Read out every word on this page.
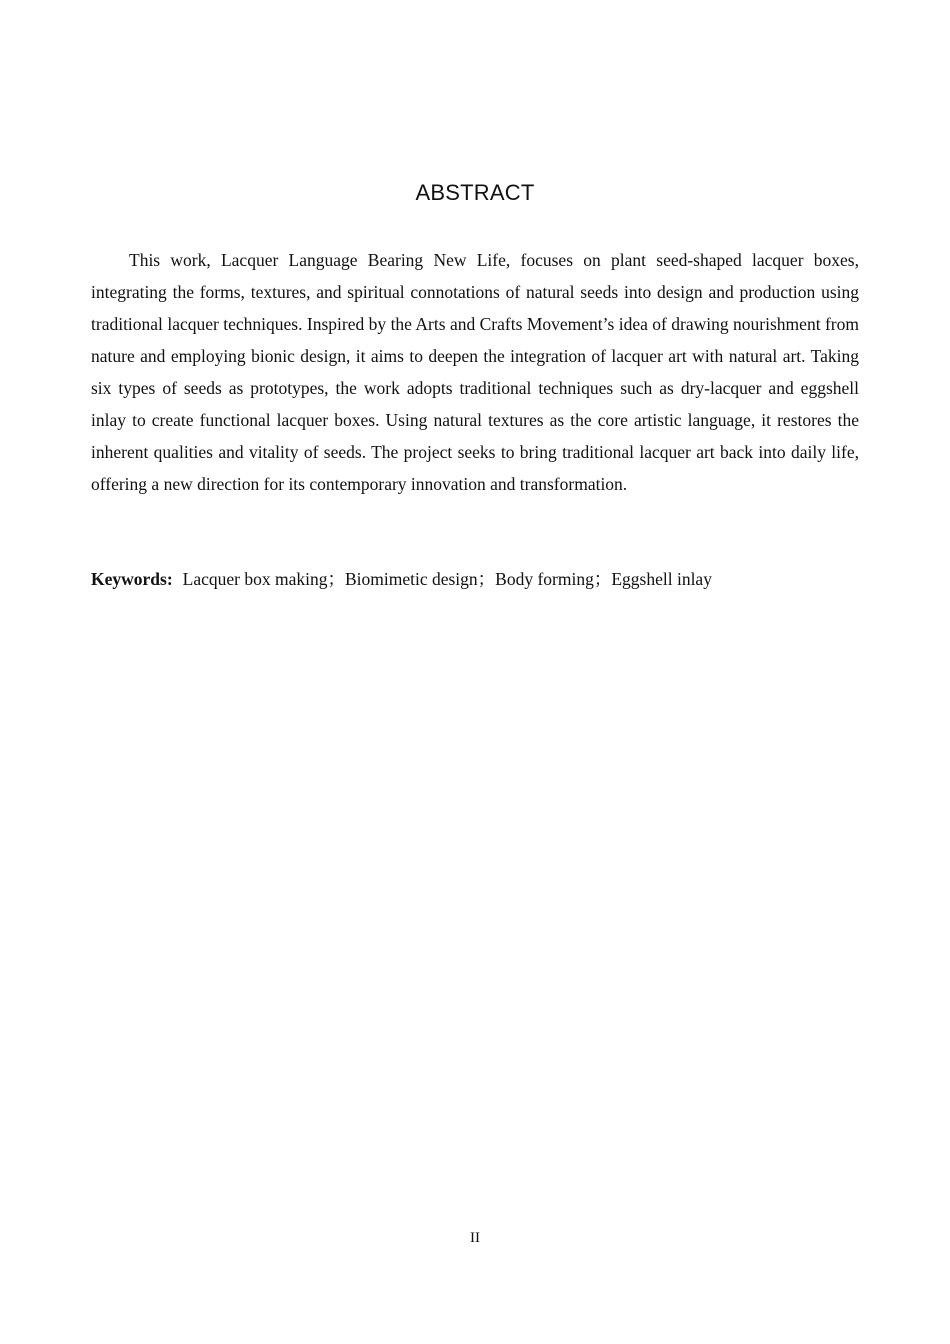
ABSTRACT

This work, Lacquer Language Bearing New Life, focuses on plant seed-shaped lacquer boxes, integrating the forms, textures, and spiritual connotations of natural seeds into design and production using traditional lacquer techniques. Inspired by the Arts and Crafts Movement’s idea of drawing nourishment from nature and employing bionic design, it aims to deepen the integration of lacquer art with natural art. Taking six types of seeds as prototypes, the work adopts traditional techniques such as dry-lacquer and eggshell inlay to create functional lacquer boxes. Using natural textures as the core artistic language, it restores the inherent qualities and vitality of seeds. The project seeks to bring traditional lacquer art back into daily life, offering a new direction for its contemporary innovation and transformation.

Keywords: Lacquer box making；Biomimetic design；Body forming；Eggshell inlay

II
